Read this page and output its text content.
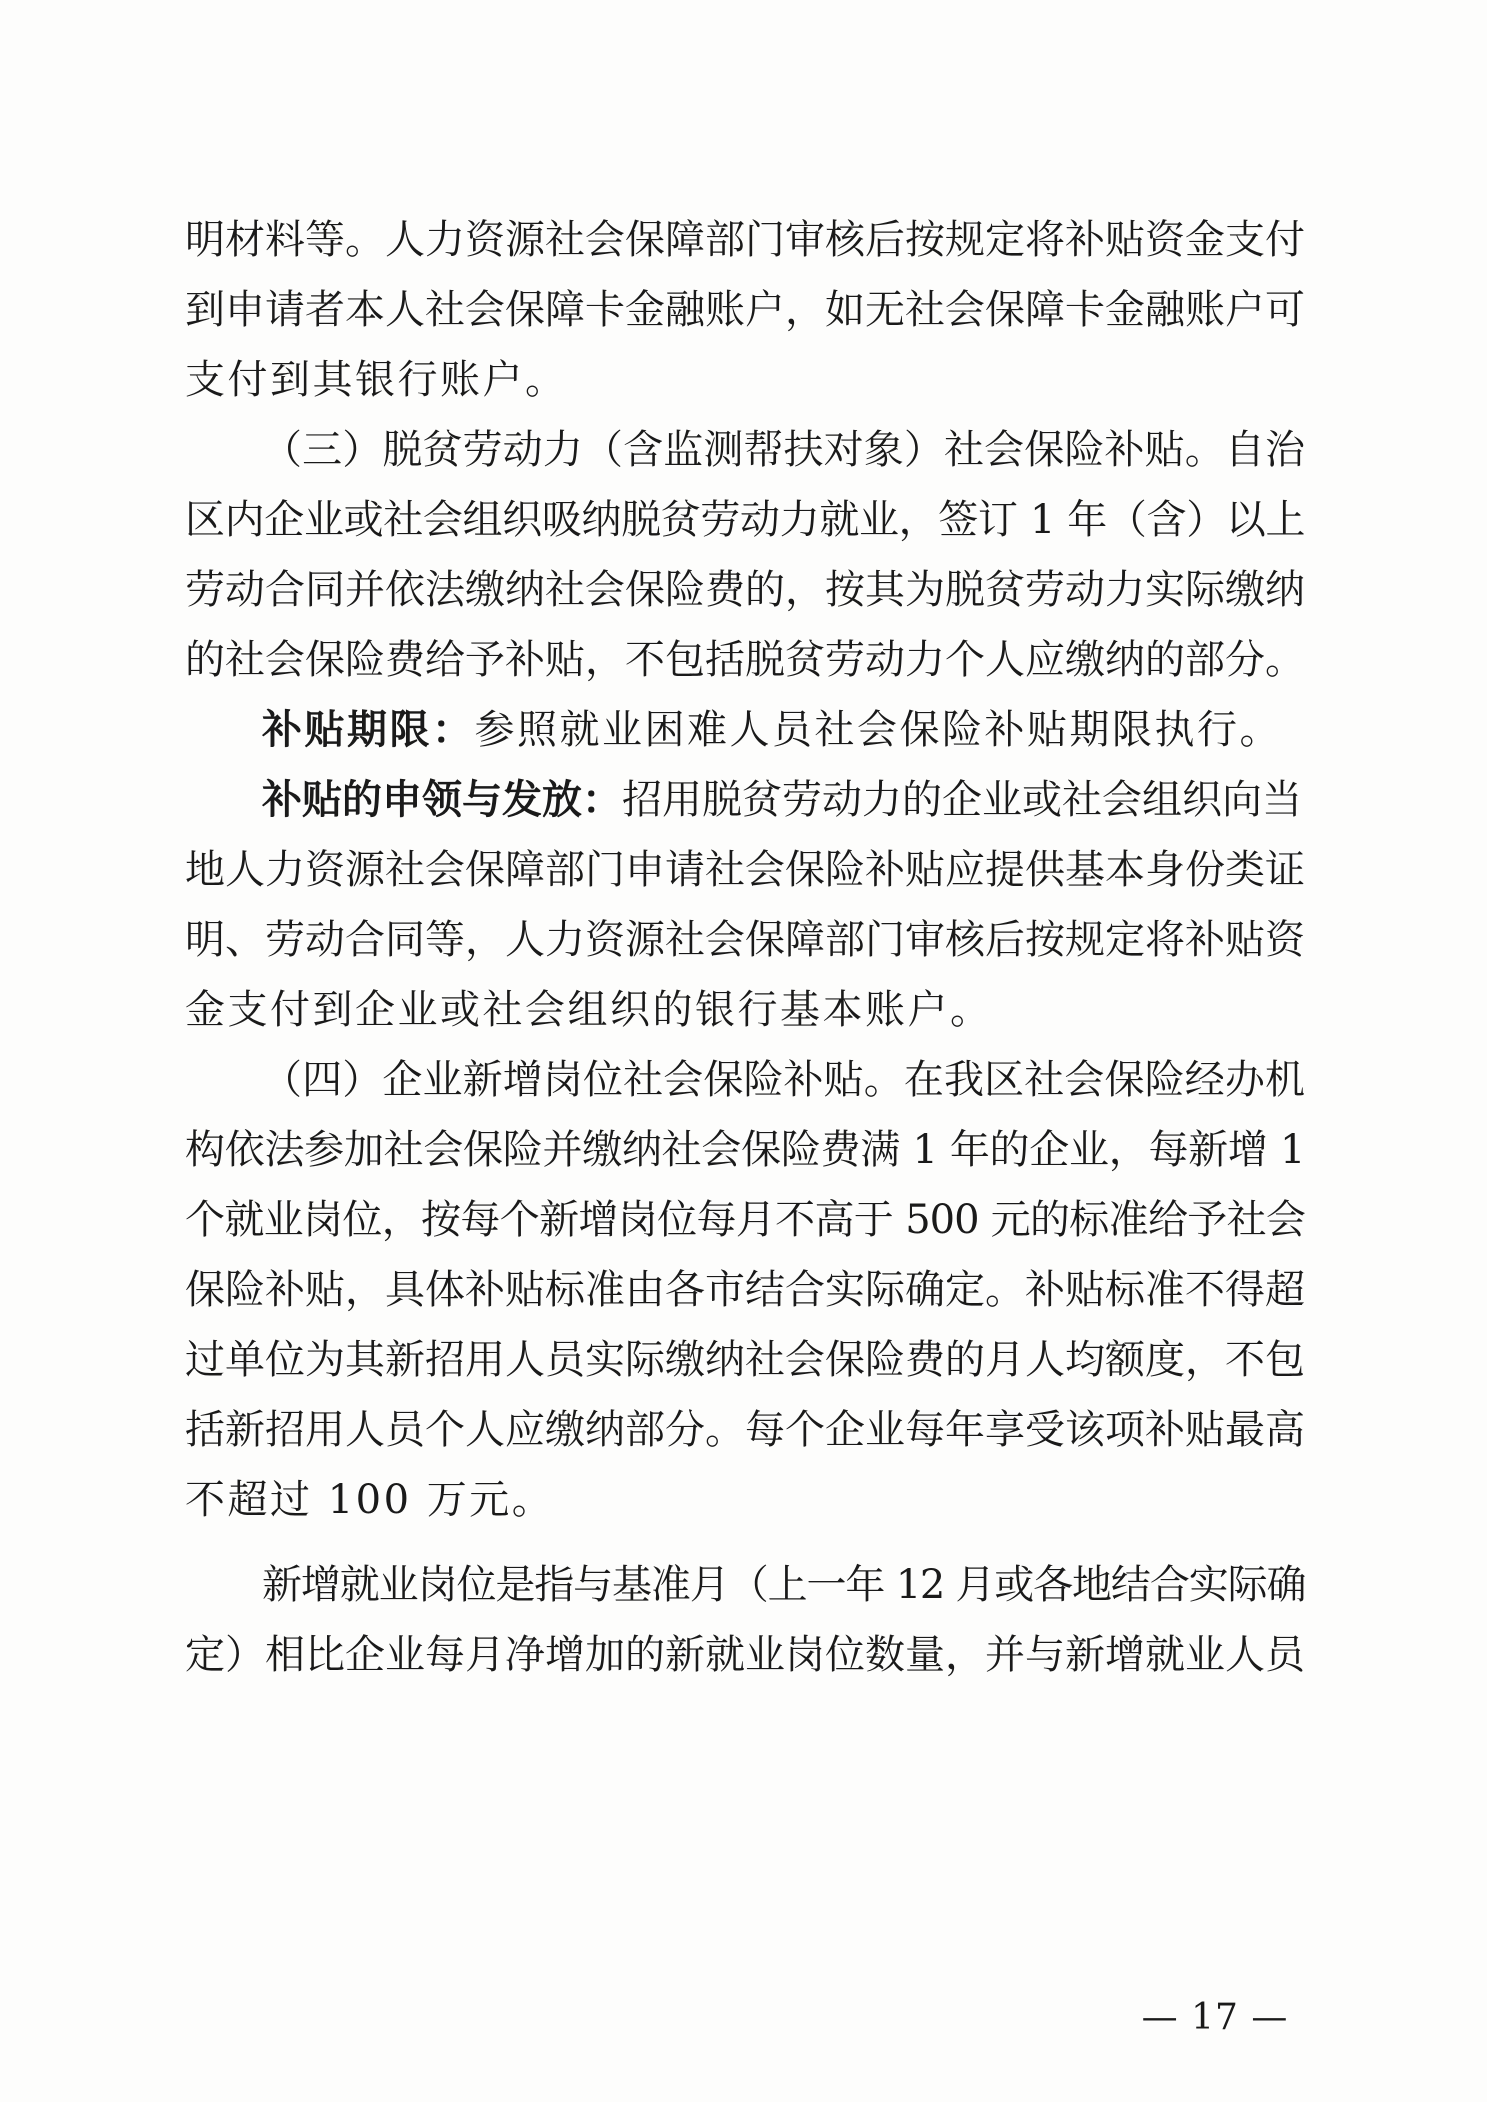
明材料等。人力资源社会保障部门审核后按规定将补贴资金支付
到申请者本人社会保障卡金融账户，如无社会保障卡金融账户可
支付到其银行账户。
（三）脱贫劳动力（含监测帮扶对象）社会保险补贴。自治
区内企业或社会组织吸纳脱贫劳动力就业，签订 1 年（含）以上
劳动合同并依法缴纳社会保险费的，按其为脱贫劳动力实际缴纳
的社会保险费给予补贴，不包括脱贫劳动力个人应缴纳的部分。
补贴期限：参照就业困难人员社会保险补贴期限执行。
补贴的申领与发放：招用脱贫劳动力的企业或社会组织向当
地人力资源社会保障部门申请社会保险补贴应提供基本身份类证
明、劳动合同等，人力资源社会保障部门审核后按规定将补贴资
金支付到企业或社会组织的银行基本账户。
（四）企业新增岗位社会保险补贴。在我区社会保险经办机
构依法参加社会保险并缴纳社会保险费满 1 年的企业，每新增 1
个就业岗位，按每个新增岗位每月不高于 500 元的标准给予社会
保险补贴，具体补贴标准由各市结合实际确定。补贴标准不得超
过单位为其新招用人员实际缴纳社会保险费的月人均额度，不包
括新招用人员个人应缴纳部分。每个企业每年享受该项补贴最高
不超过 100 万元。
新增就业岗位是指与基准月（上一年 12 月或各地结合实际确
定）相比企业每月净增加的新就业岗位数量，并与新增就业人员
— 17 —
